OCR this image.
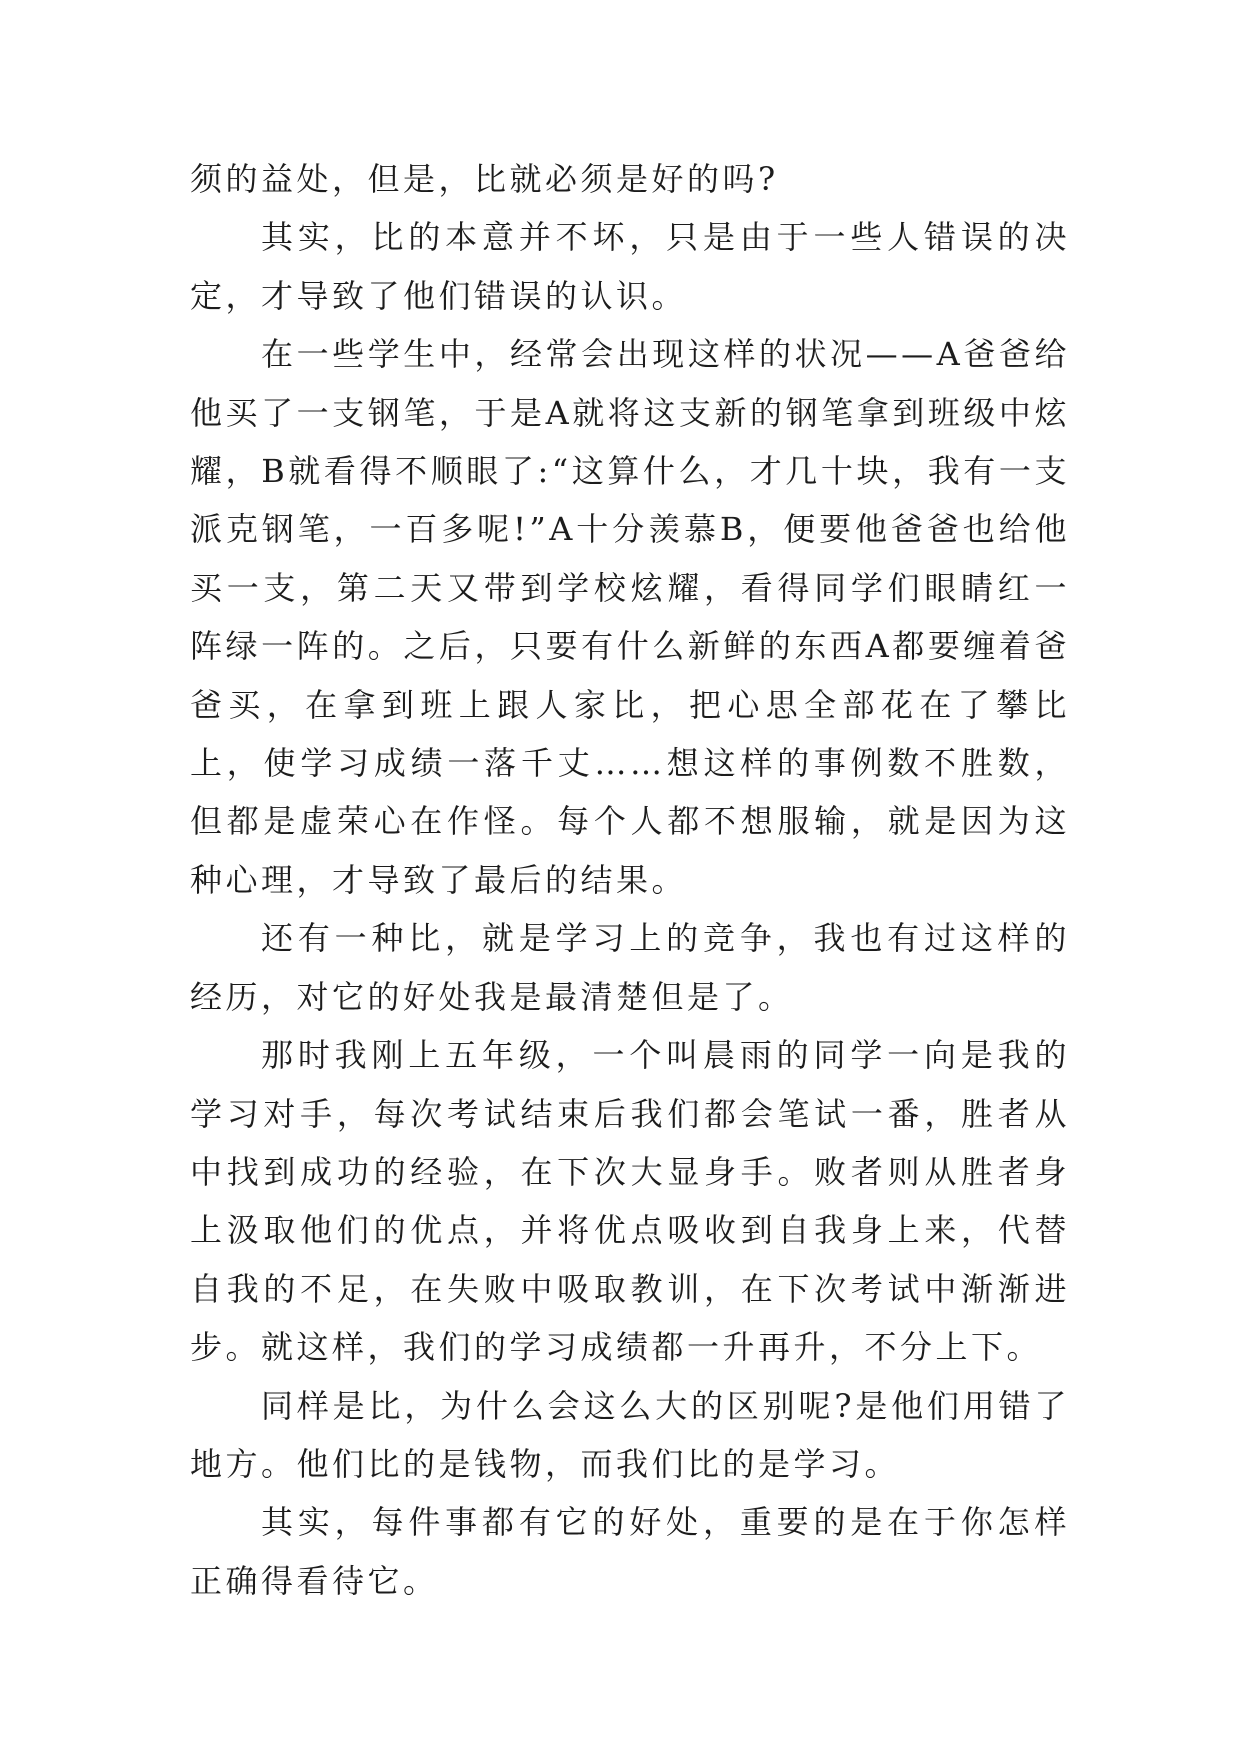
须的益处，但是，比就必须是好的吗?

其实，比的本意并不坏，只是由于一些人错误的决定，才导致了他们错误的认识。

在一些学生中，经常会出现这样的状况——A爸爸给他买了一支钢笔，于是A就将这支新的钢笔拿到班级中炫耀，B就看得不顺眼了:“这算什么，才几十块，我有一支派克钢笔，一百多呢!”A十分羡慕B，便要他爸爸也给他买一支，第二天又带到学校炫耀，看得同学们眼睛红一阵绿一阵的。之后，只要有什么新鲜的东西A都要缠着爸爸买，在拿到班上跟人家比，把心思全部花在了攀比上，使学习成绩一落千丈……想这样的事例数不胜数，但都是虚荣心在作怪。每个人都不想服输，就是因为这种心理，才导致了最后的结果。

还有一种比，就是学习上的竞争，我也有过这样的经历，对它的好处我是最清楚但是了。

那时我刚上五年级，一个叫晨雨的同学一向是我的学习对手，每次考试结束后我们都会笔试一番，胜者从中找到成功的经验，在下次大显身手。败者则从胜者身上汲取他们的优点，并将优点吸收到自我身上来，代替自我的不足，在失败中吸取教训，在下次考试中渐渐进步。就这样，我们的学习成绩都一升再升，不分上下。

同样是比，为什么会这么大的区别呢?是他们用错了地方。他们比的是钱物，而我们比的是学习。

其实，每件事都有它的好处，重要的是在于你怎样正确得看待它。
